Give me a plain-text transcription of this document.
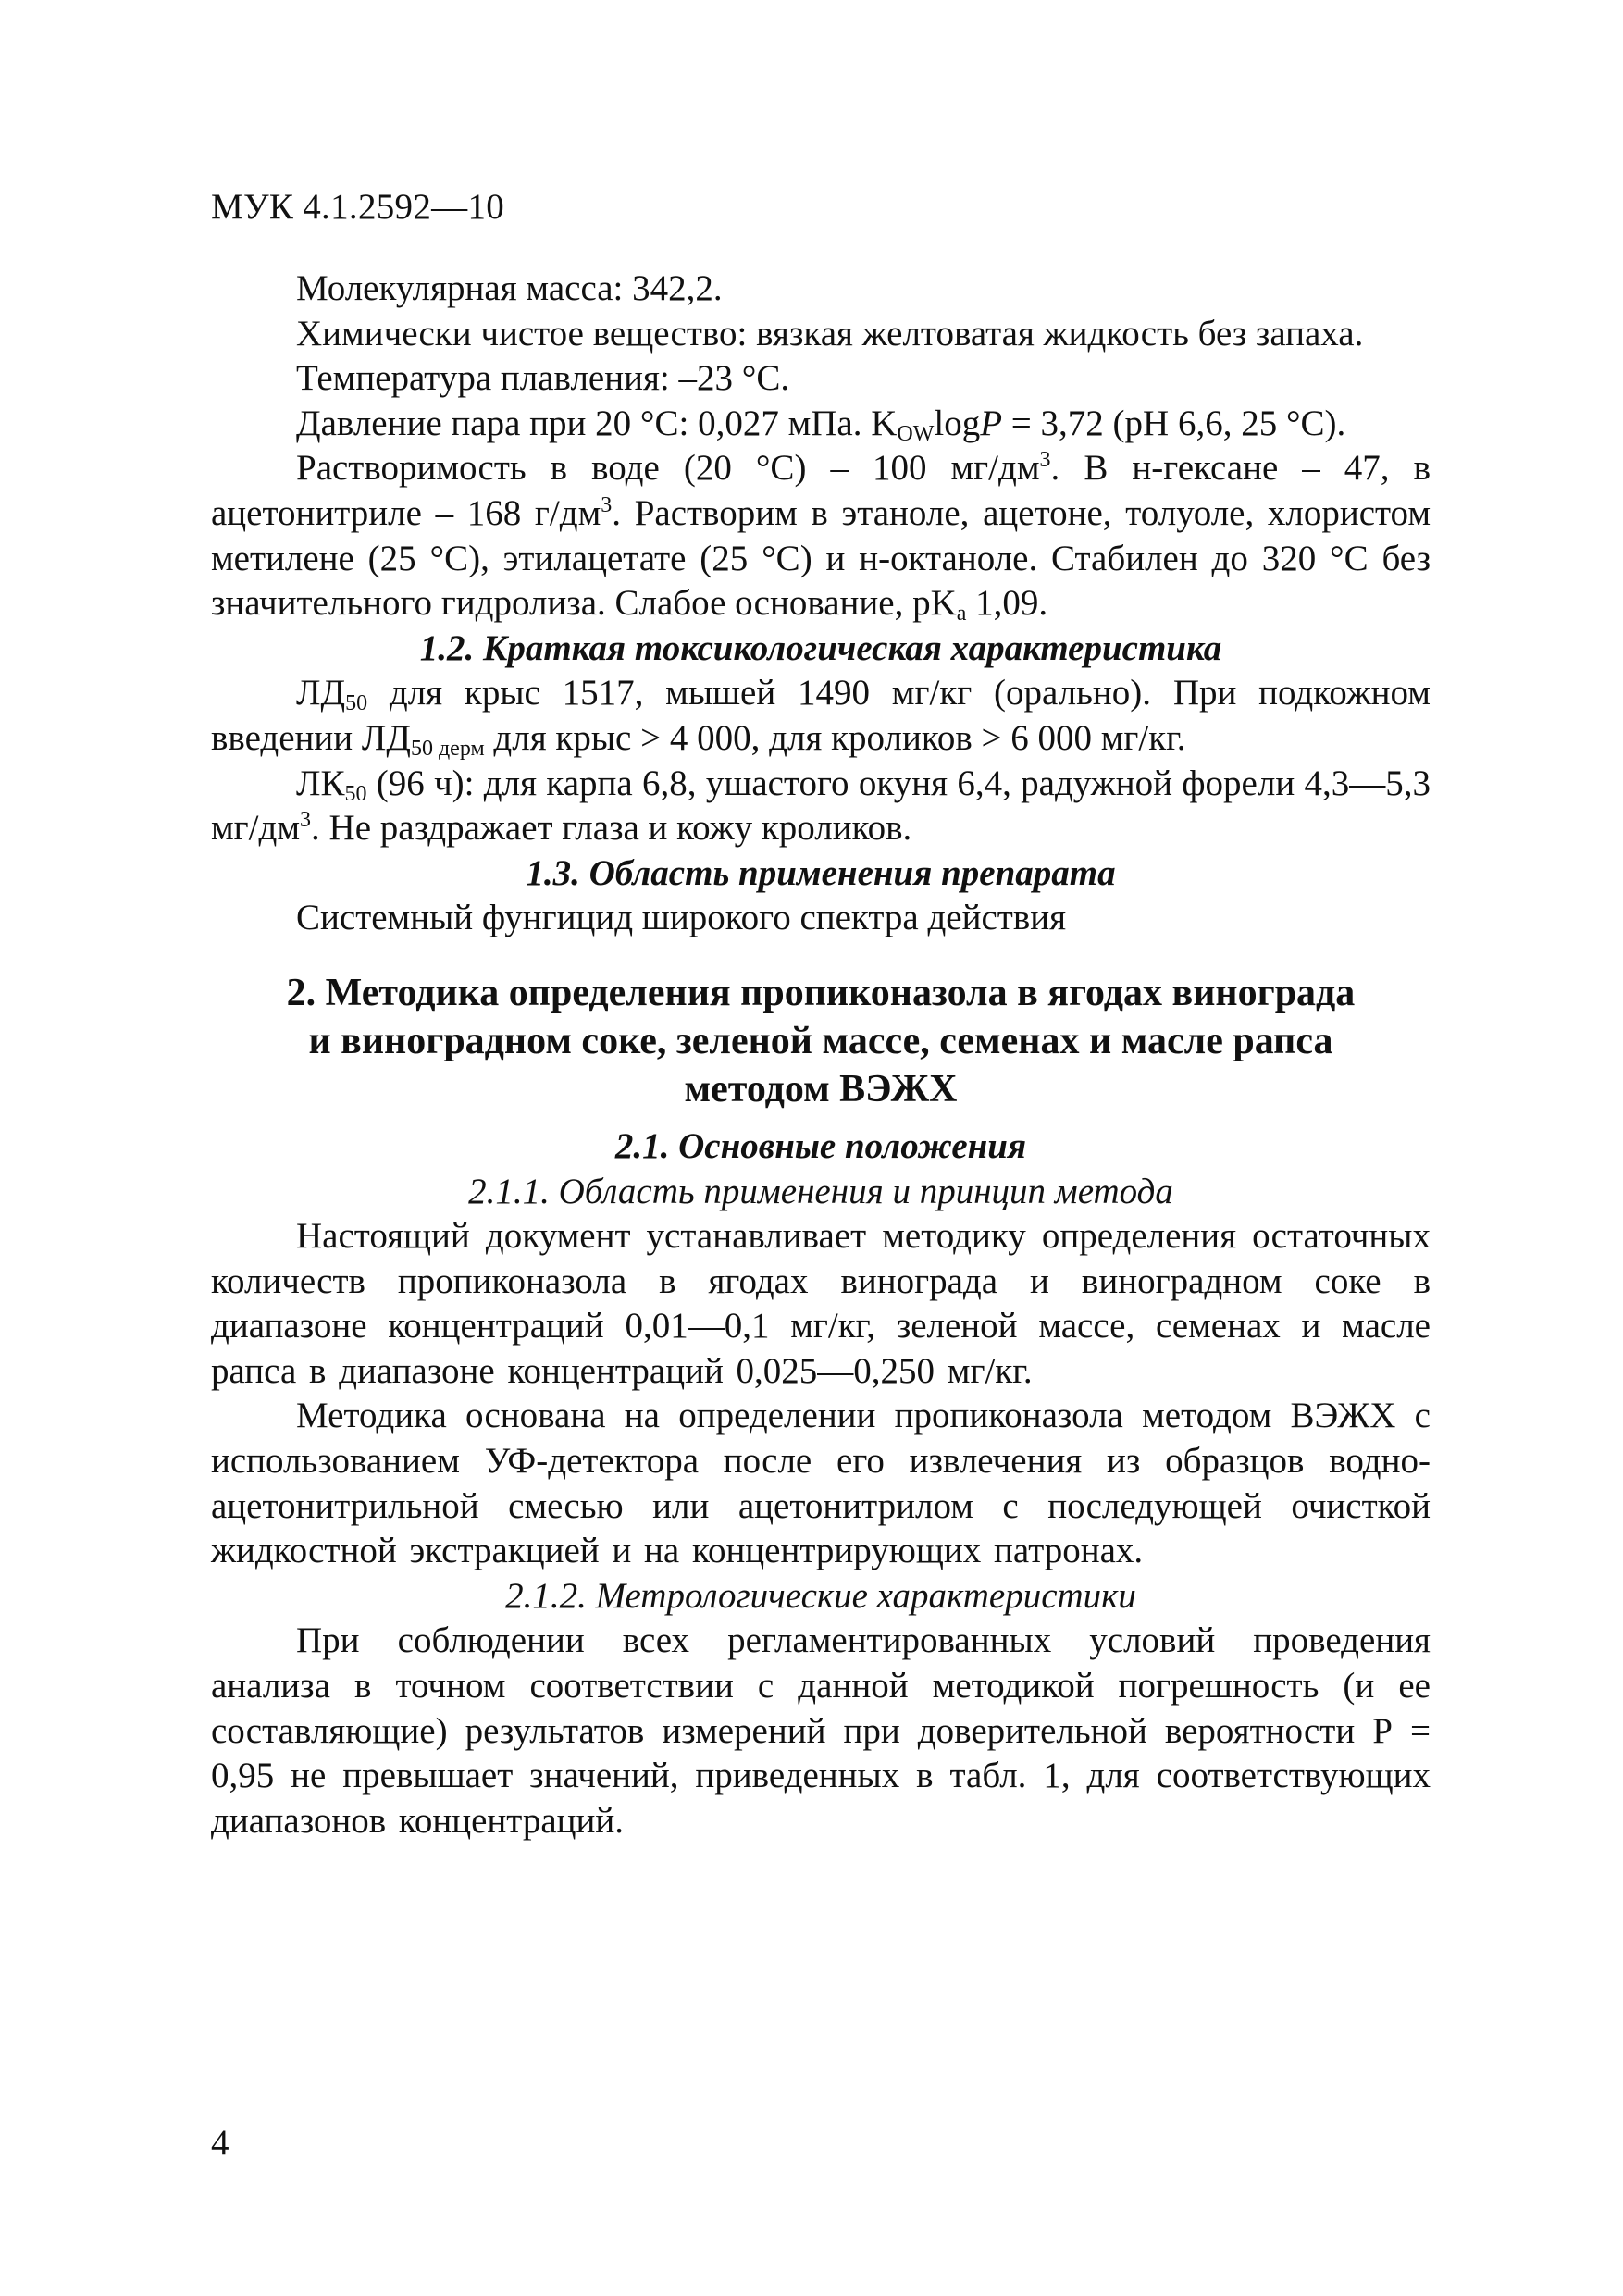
МУК 4.1.2592—10

Молекулярная масса: 342,2.

Химически чистое вещество: вязкая желтоватая жидкость без запаха.

Температура плавления: –23 °С.

Давление пара при 20 °С: 0,027 мПа. $K_{OW}\log P = 3,72$ (pH 6,6, 25 °С).

Растворимость в воде (20 °С) – 100 $мг/дм^3$. В н-гексане – 47, в ацетонитриле – 168 $г/дм^3$. Растворим в этаноле, ацетоне, толуоле, хлористом метилене (25 °С), этилацетате (25 °С) и н-октаноле. Стабилен до 320 °С без значительного гидролиза. Слабое основание, $pK_a$ 1,09.

1.2. Краткая токсикологическая характеристика

$ЛД_{50}$ для крыс 1517, мышей 1490 мг/кг (орально). При подкожном введении $ЛД_{50 дерм}$ для крыс > 4 000, для кроликов > 6 000 мг/кг.

$ЛК_{50}$ (96 ч): для карпа 6,8, ушастого окуня 6,4, радужной форели 4,3—5,3 $мг/дм^3$. Не раздражает глаза и кожу кроликов.

1.3. Область применения препарата

Системный фунгицид широкого спектра действия

2. Методика определения пропиконазола в ягодах винограда
и виноградном соке, зеленой массе, семенах и масле рапса
методом ВЭЖХ

2.1. Основные положения

2.1.1. Область применения и принцип метода

Настоящий документ устанавливает методику определения остаточных количеств пропиконазола в ягодах винограда и виноградном соке в диапазоне концентраций 0,01—0,1 мг/кг, зеленой массе, семенах и масле рапса в диапазоне концентраций 0,025—0,250 мг/кг.

Методика основана на определении пропиконазола методом ВЭЖХ с использованием УФ-детектора после его извлечения из образцов водно-ацетонитрильной смесью или ацетонитрилом с последующей очисткой жидкостной экстракцией и на концентрирующих патронах.

2.1.2. Метрологические характеристики

При соблюдении всех регламентированных условий проведения анализа в точном соответствии с данной методикой погрешность (и ее составляющие) результатов измерений при доверительной вероятности Р = 0,95 не превышает значений, приведенных в табл. 1, для соответствующих диапазонов концентраций.

4
